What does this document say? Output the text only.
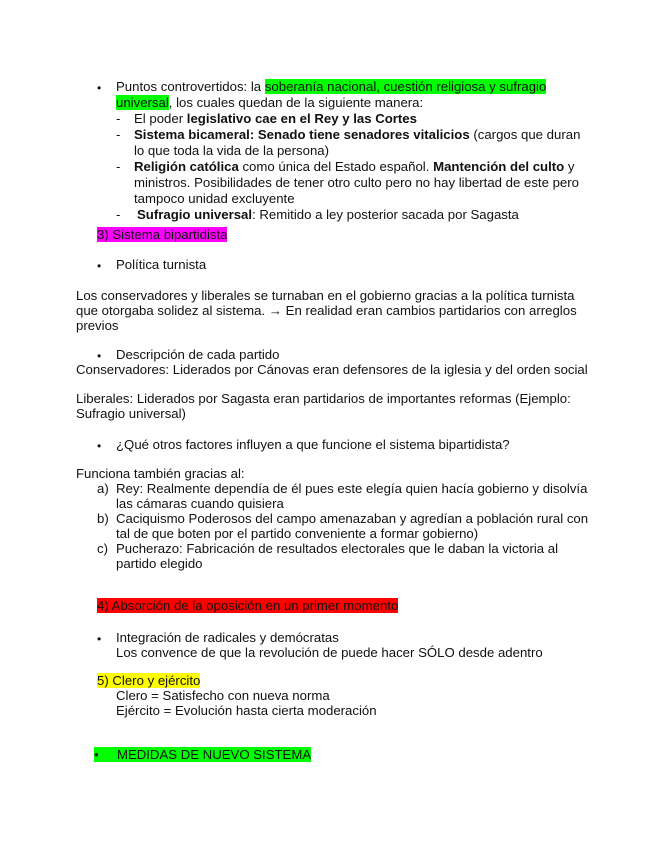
• Puntos controvertidos: la soberanía nacional, cuestión religiosa y sufragio
universal, los cuales quedan de la siguiente manera:
- El poder legislativo cae en el Rey y las Cortes
- Sistema bicameral: Senado tiene senadores vitalicios (cargos que duran
lo que toda la vida de la persona)
- Religión católica como única del Estado español. Mantención del culto y
ministros. Posibilidades de tener otro culto pero no hay libertad de este pero
tampoco unidad excluyente
- Sufragio universal: Remitido a ley posterior sacada por Sagasta
3) Sistema bipartidista
• Política turnista
Los conservadores y liberales se turnaban en el gobierno gracias a la política turnista
que otorgaba solidez al sistema. → En realidad eran cambios partidarios con arreglos
previos
• Descripción de cada partido
Conservadores: Liderados por Cánovas eran defensores de la iglesia y del orden social
Liberales: Liderados por Sagasta eran partidarios de importantes reformas (Ejemplo:
Sufragio universal)
• ¿Qué otros factores influyen a que funcione el sistema bipartidista?
Funciona también gracias al:
a) Rey: Realmente dependía de él pues este elegía quien hacía gobierno y disolvía
las cámaras cuando quisiera
b) Caciquismo Poderosos del campo amenazaban y agredían a población rural con
tal de que boten por el partido conveniente a formar gobierno)
c) Pucherazo: Fabricación de resultados electorales que le daban la victoria al
partido elegido
4) Absorción de la oposición en un primer momento
• Integración de radicales y demócratas
Los convence de que la revolución de puede hacer SÓLO desde adentro
5) Clero y ejército
Clero = Satisfecho con nueva norma
Ejército = Evolución hasta cierta moderación
• MEDIDAS DE NUEVO SISTEMA
